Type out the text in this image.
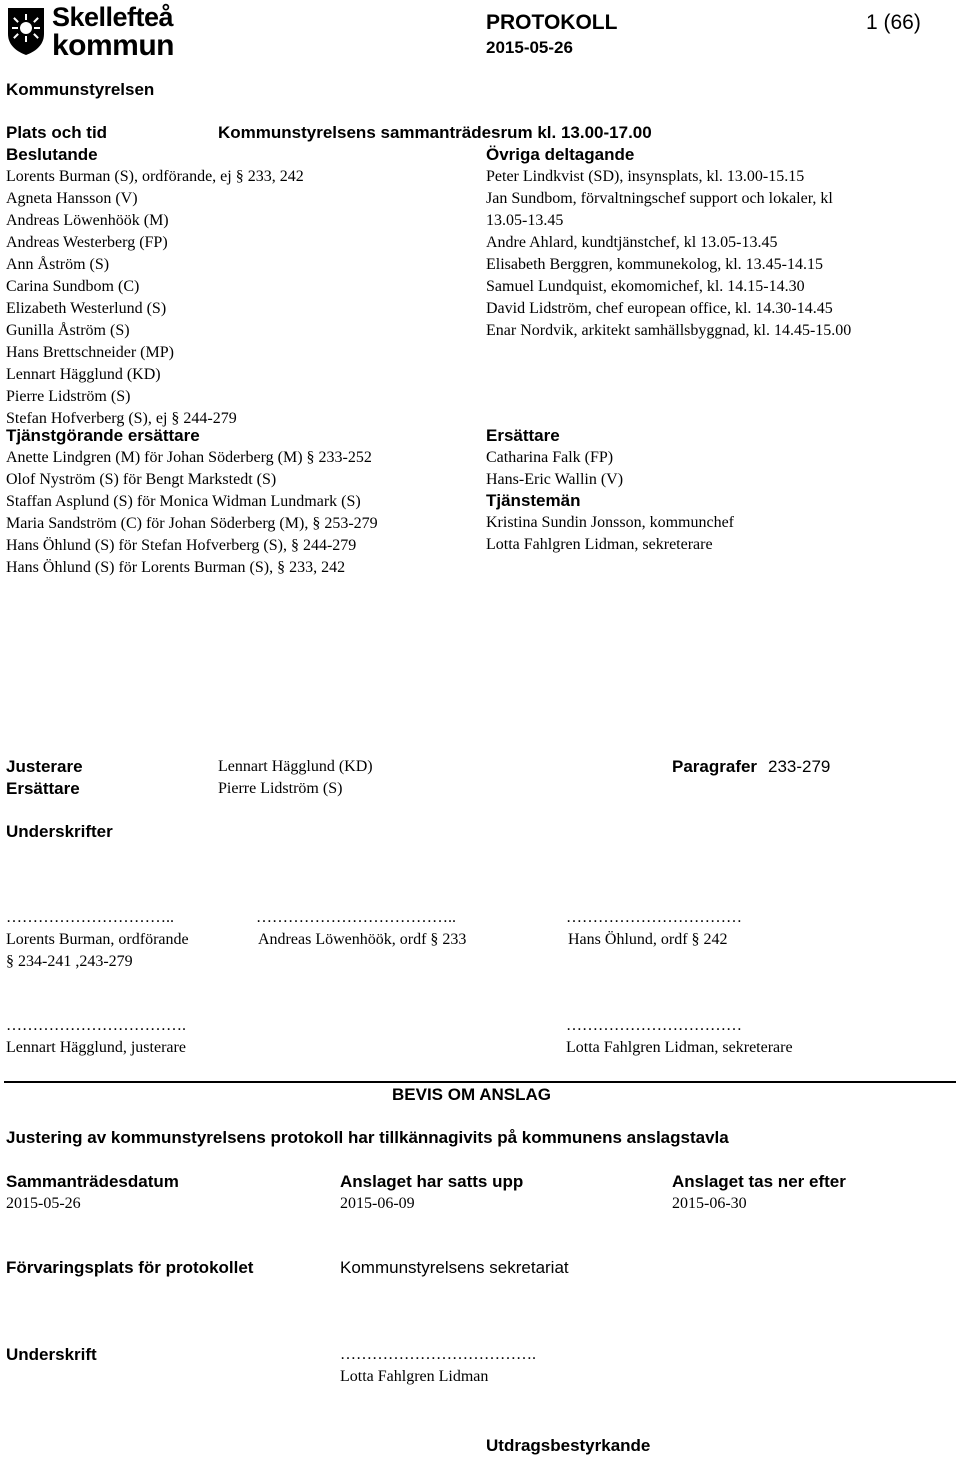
Skellefteå
kommun
PROTOKOLL	1 (66)
2015-05-26
Kommunstyrelsen
Plats och tid	Kommunstyrelsens sammanträdesrum kl. 13.00-17.00
Beslutande
Lorents Burman (S), ordförande, ej § 233, 242
Agneta Hansson (V)
Andreas Löwenhöök (M)
Andreas Westerberg (FP)
Ann Åström (S)
Carina Sundbom (C)
Elizabeth Westerlund (S)
Gunilla Åström (S)
Hans Brettschneider (MP)
Lennart Hägglund (KD)
Pierre Lidström (S)
Stefan Hofverberg (S), ej § 244-279
Övriga deltagande
Peter Lindkvist (SD), insynsplats, kl. 13.00-15.15
Jan Sundbom, förvaltningschef support och lokaler, kl
13.05-13.45
Andre Ahlard, kundtjänstchef, kl 13.05-13.45
Elisabeth Berggren, kommunekolog, kl. 13.45-14.15
Samuel Lundquist, ekomomichef, kl. 14.15-14.30
David Lidström, chef european office, kl. 14.30-14.45
Enar Nordvik, arkitekt samhällsbyggnad, kl. 14.45-15.00
Tjänstgörande ersättare
Anette Lindgren (M) för Johan Söderberg (M) § 233-252
Olof Nyström (S) för Bengt Markstedt (S)
Staffan Asplund (S) för Monica Widman Lundmark (S)
Maria Sandström (C) för Johan Söderberg (M), § 253-279
Hans Öhlund (S) för Stefan Hofverberg (S), § 244-279
Hans Öhlund (S) för Lorents Burman (S), § 233, 242
Ersättare
Catharina Falk (FP)
Hans-Eric Wallin (V)
Tjänstemän
Kristina Sundin Jonsson, kommunchef
Lotta Fahlgren Lidman, sekreterare
Justerare	Lennart Hägglund (KD)	Paragrafer 233-279
Ersättare	Pierre Lidström (S)
Underskrifter
…………………………..	………………………………..	……………………………
Lorents Burman, ordförande	Andreas Löwenhöök, ordf § 233	Hans Öhlund, ordf § 242
§ 234-241 ,243-279
…………………………….	……………………………
Lennart Hägglund, justerare	Lotta Fahlgren Lidman, sekreterare
BEVIS OM ANSLAG
Justering av kommunstyrelsens protokoll har tillkännagivits på kommunens anslagstavla
Sammanträdesdatum	Anslaget har satts upp	Anslaget tas ner efter
2015-05-26	2015-06-09	2015-06-30
Förvaringsplats för protokollet	Kommunstyrelsens sekretariat
Underskrift	……………………………….
Lotta Fahlgren Lidman
Utdragsbestyrkande
